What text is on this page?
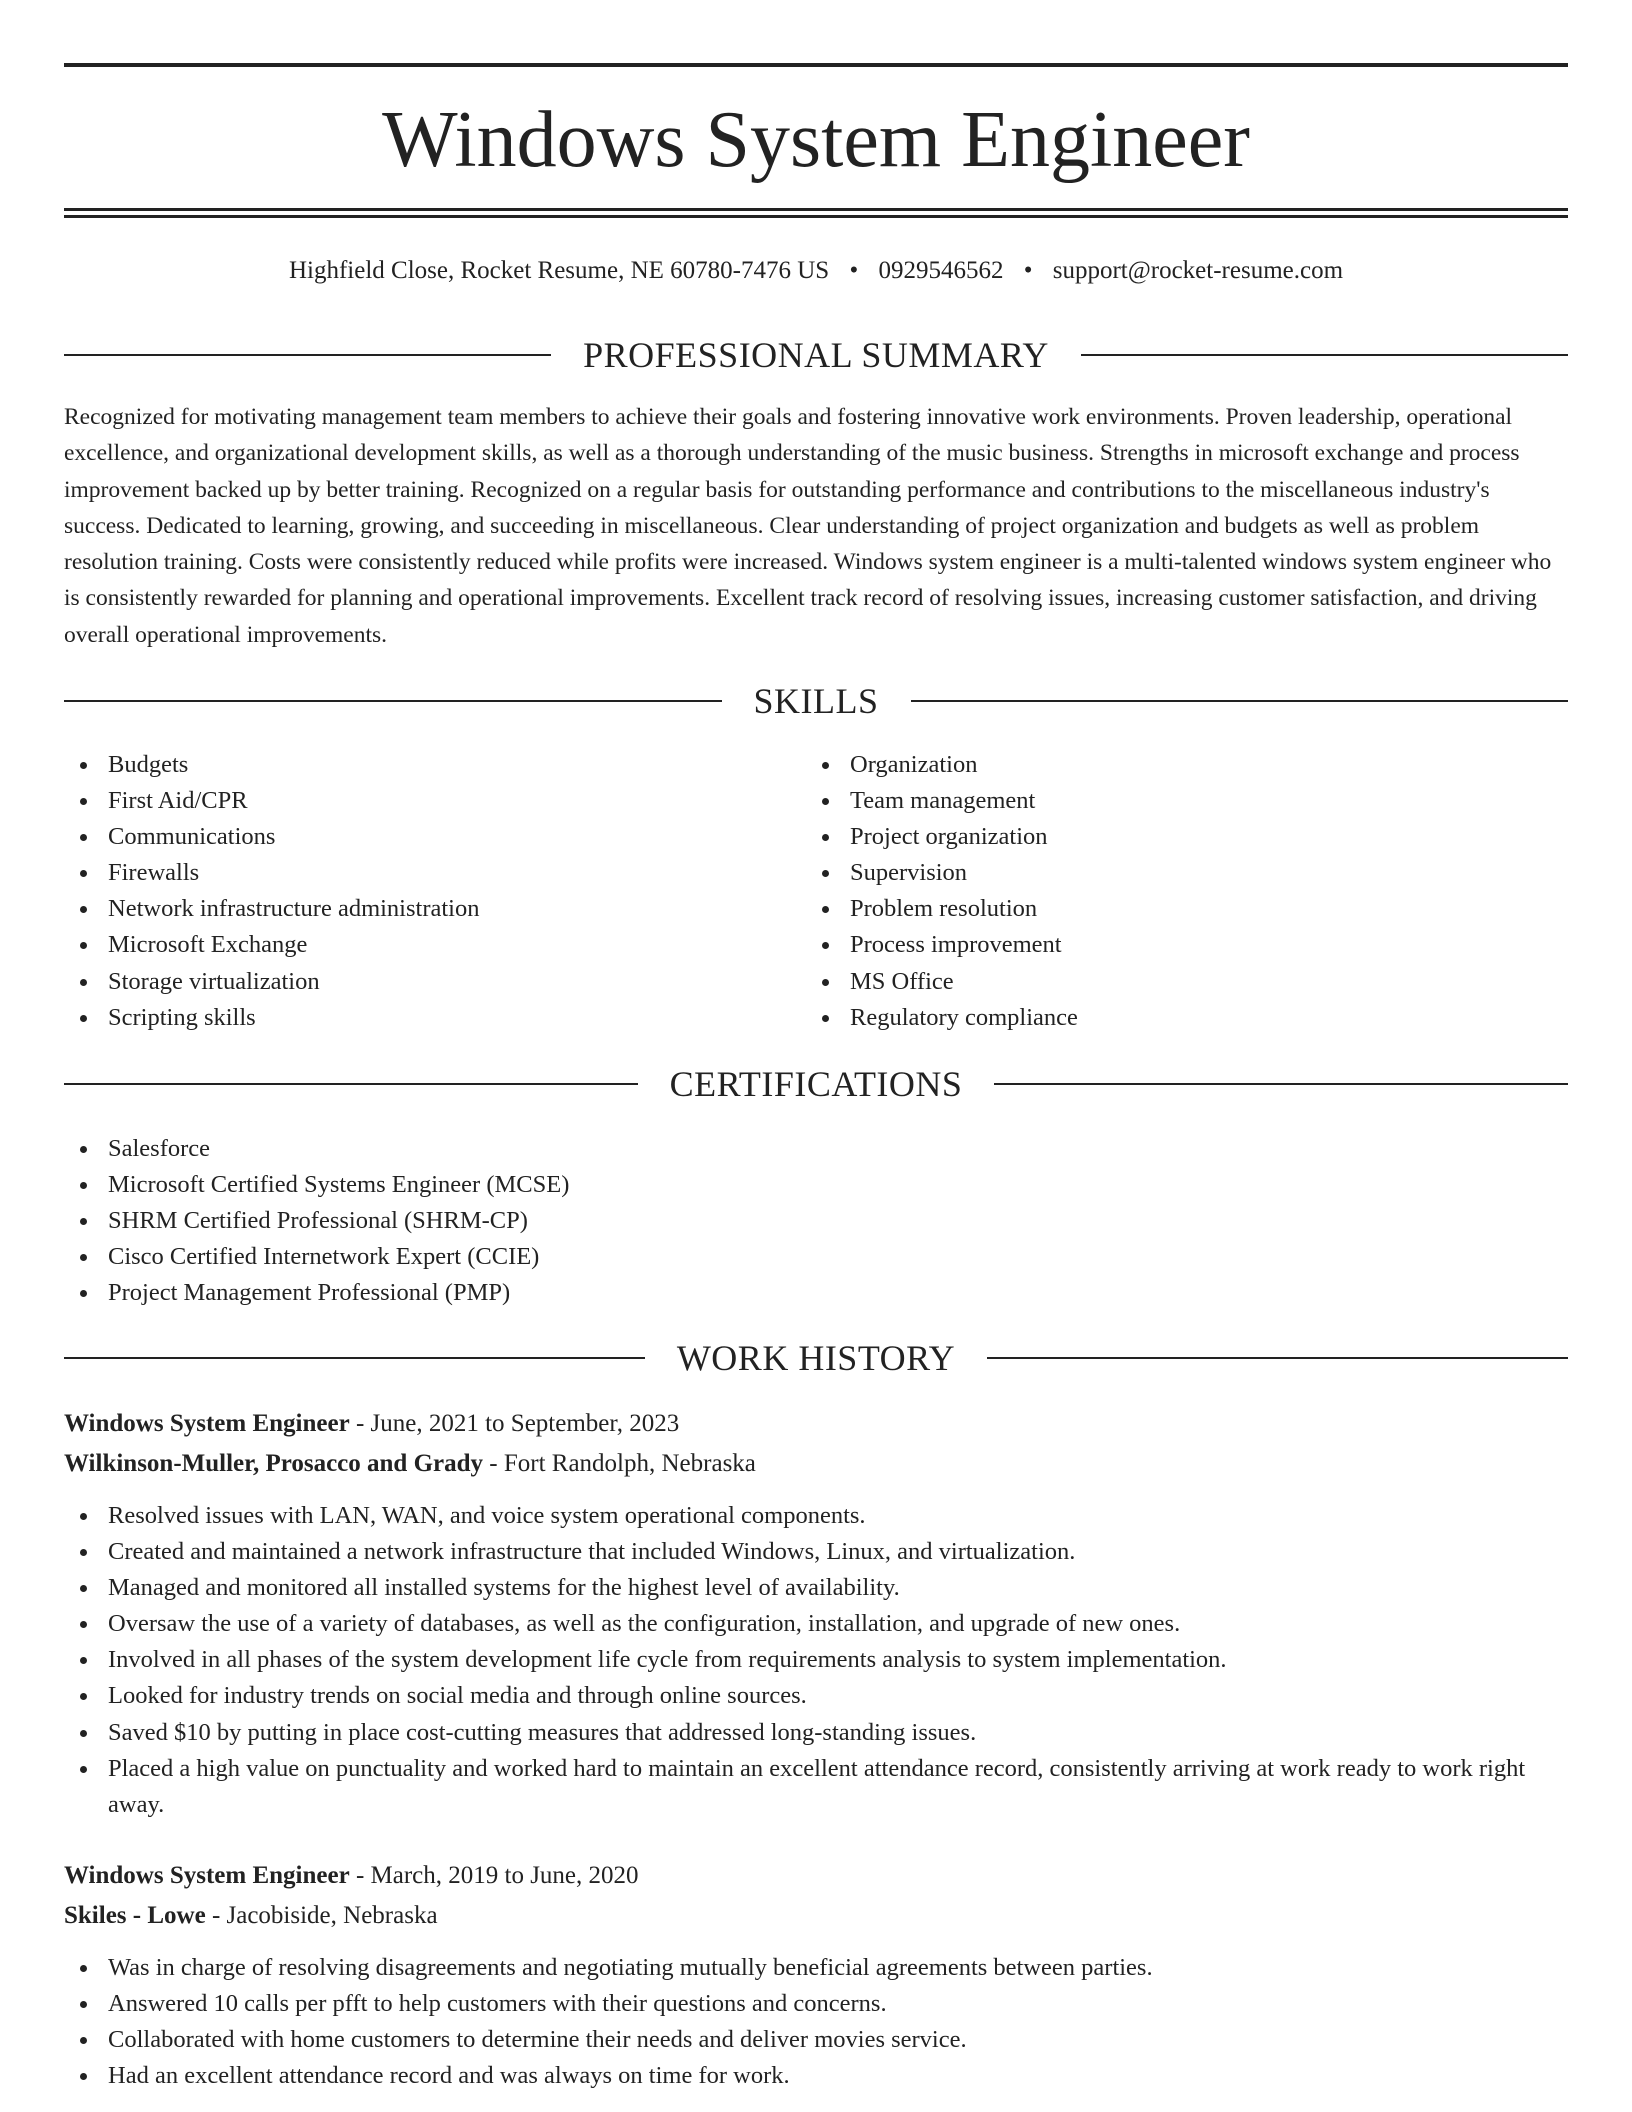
Windows System Engineer
Highfield Close, Rocket Resume, NE 60780-7476 US • 0929546562 • support@rocket-resume.com
PROFESSIONAL SUMMARY

Recognized for motivating management team members to achieve their goals and fostering innovative work environments. Proven leadership, operational excellence, and organizational development skills, as well as a thorough understanding of the music business. Strengths in microsoft exchange and process improvement backed up by better training. Recognized on a regular basis for outstanding performance and contributions to the miscellaneous industry's success. Dedicated to learning, growing, and succeeding in miscellaneous. Clear understanding of project organization and budgets as well as problem resolution training. Costs were consistently reduced while profits were increased. Windows system engineer is a multi-talented windows system engineer who is consistently rewarded for planning and operational improvements. Excellent track record of resolving issues, increasing customer satisfaction, and driving overall operational improvements.

SKILLS
Budgets
First Aid/CPR
Communications
Firewalls
Network infrastructure administration
Microsoft Exchange
Storage virtualization
Scripting skills
Organization
Team management
Project organization
Supervision
Problem resolution
Process improvement
MS Office
Regulatory compliance
CERTIFICATIONS
Salesforce
Microsoft Certified Systems Engineer (MCSE)
SHRM Certified Professional (SHRM-CP)
Cisco Certified Internetwork Expert (CCIE)
Project Management Professional (PMP)
WORK HISTORY
Windows System Engineer - June, 2021 to September, 2023
Wilkinson-Muller, Prosacco and Grady - Fort Randolph, Nebraska
Resolved issues with LAN, WAN, and voice system operational components.
Created and maintained a network infrastructure that included Windows, Linux, and virtualization.
Managed and monitored all installed systems for the highest level of availability.
Oversaw the use of a variety of databases, as well as the configuration, installation, and upgrade of new ones.
Involved in all phases of the system development life cycle from requirements analysis to system implementation.
Looked for industry trends on social media and through online sources.
Saved $10 by putting in place cost-cutting measures that addressed long-standing issues.
Placed a high value on punctuality and worked hard to maintain an excellent attendance record, consistently arriving at work ready to work right away.
Windows System Engineer - March, 2019 to June, 2020
Skiles - Lowe - Jacobiside, Nebraska
Was in charge of resolving disagreements and negotiating mutually beneficial agreements between parties.
Answered 10 calls per pfft to help customers with their questions and concerns.
Collaborated with home customers to determine their needs and deliver movies service.
Had an excellent attendance record and was always on time for work.
